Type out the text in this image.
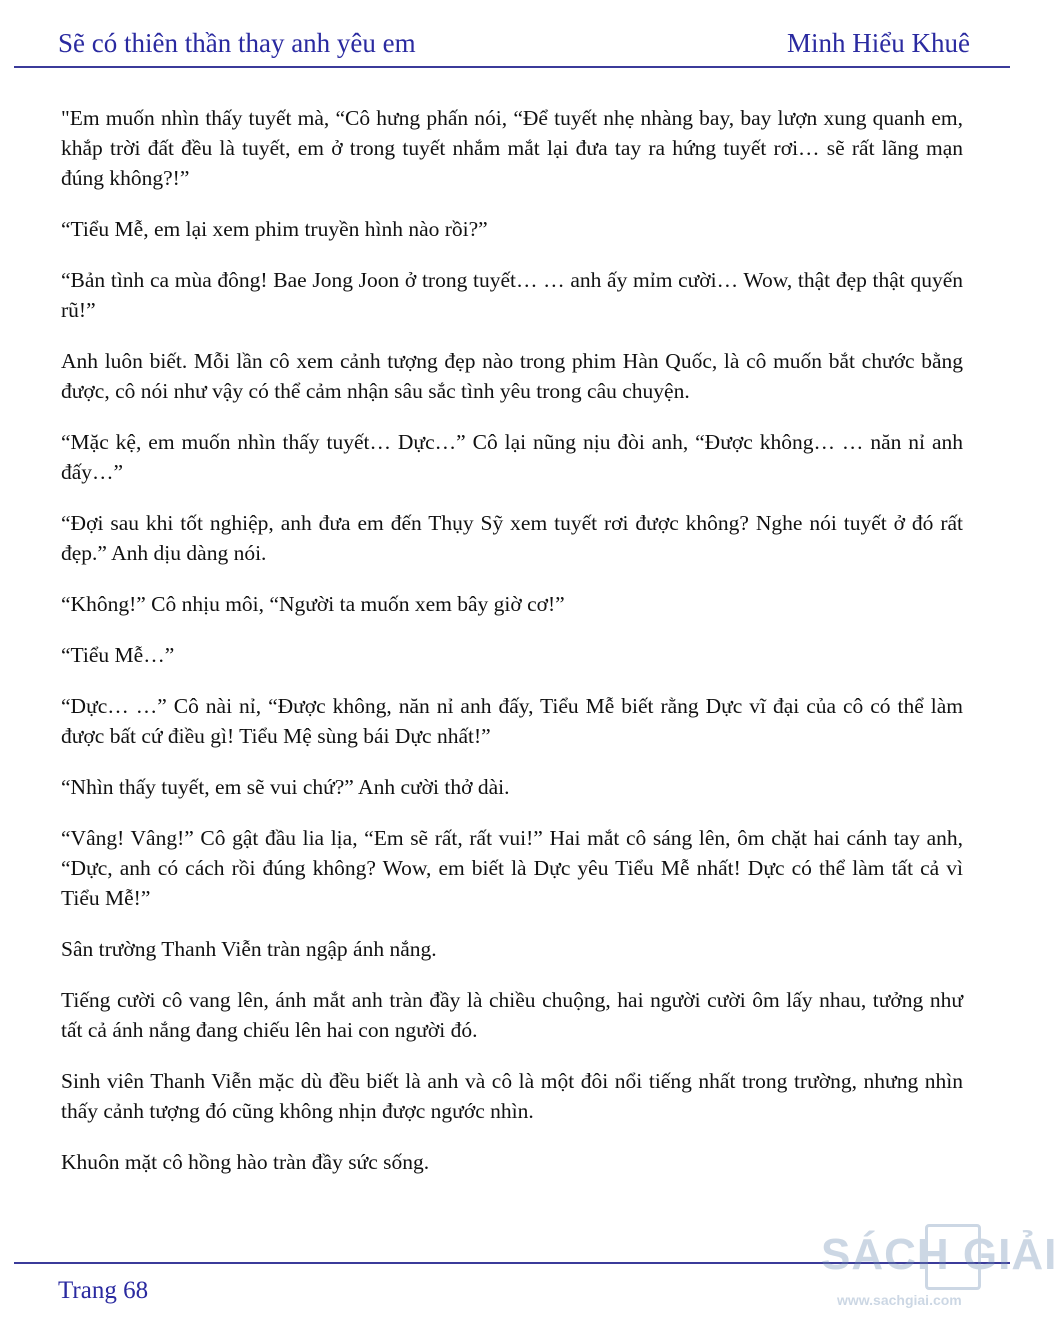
Sẽ có thiên thần thay anh yêu em	Minh Hiểu Khuê

"Em muốn nhìn thấy tuyết mà, “Cô hưng phấn nói, “Để tuyết nhẹ nhàng bay, bay lượn xung quanh em, khắp trời đất đều là tuyết, em ở trong tuyết nhắm mắt lại đưa tay ra hứng tuyết rơi… sẽ rất lãng mạn đúng không?!”

“Tiểu Mễ, em lại xem phim truyền hình nào rồi?”

“Bản tình ca mùa đông! Bae Jong Joon ở trong tuyết… … anh ấy mỉm cười… Wow, thật đẹp thật quyến rũ!”

Anh luôn biết. Mỗi lần cô xem cảnh tượng đẹp nào trong phim Hàn Quốc, là cô muốn bắt chước bằng được, cô nói như vậy có thể cảm nhận sâu sắc tình yêu trong câu chuyện.

“Mặc kệ, em muốn nhìn thấy tuyết… Dực…” Cô lại nũng nịu đòi anh, “Được không… … năn nỉ anh đấy…”

“Đợi sau khi tốt nghiệp, anh đưa em đến Thụy Sỹ xem tuyết rơi được không? Nghe nói tuyết ở đó rất đẹp.” Anh dịu dàng nói.

“Không!” Cô nhịu môi, “Người ta muốn xem bây giờ cơ!”

“Tiểu Mễ…”

“Dực… …” Cô nài nỉ, “Được không, năn nỉ anh đấy, Tiểu Mễ biết rằng Dực vĩ đại của cô có thể làm được bất cứ điều gì! Tiểu Mệ sùng bái Dực nhất!”

“Nhìn thấy tuyết, em sẽ vui chứ?” Anh cười thở dài.

“Vâng! Vâng!” Cô gật đầu lia lịa, “Em sẽ rất, rất vui!” Hai mắt cô sáng lên, ôm chặt hai cánh tay anh, “Dực, anh có cách rồi đúng không? Wow, em biết là Dực yêu Tiểu Mễ nhất! Dực có thể làm tất cả vì Tiểu Mễ!”

Sân trường Thanh Viễn tràn ngập ánh nắng.

Tiếng cười cô vang lên, ánh mắt anh tràn đầy là chiều chuộng, hai người cười ôm lấy nhau, tưởng như tất cả ánh nắng đang chiếu lên hai con người đó.

Sinh viên Thanh Viễn mặc dù đều biết là anh và cô là một đôi nổi tiếng nhất trong trường, nhưng nhìn thấy cảnh tượng đó cũng không nhịn được ngước nhìn.

Khuôn mặt cô hồng hào tràn đầy sức sống.

Trang 68
SÁCH GIẢI
www.sachgiai.com
